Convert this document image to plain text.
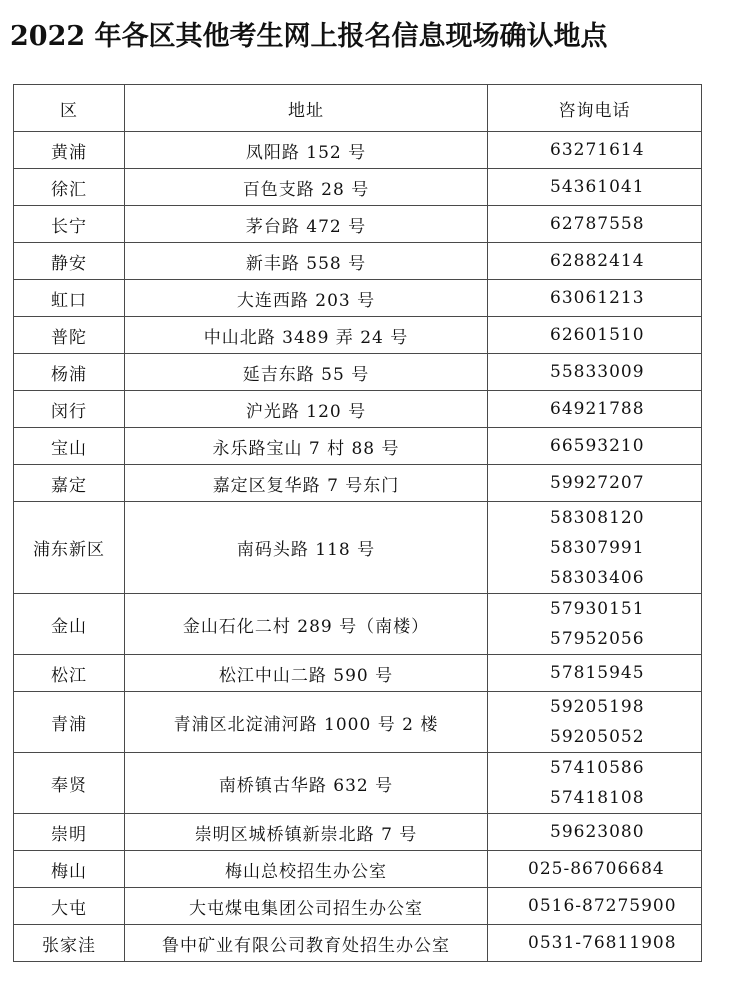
2022 年各区其他考生网上报名信息现场确认地点
区	地址	咨询电话
黄浦	凤阳路 152 号	63271614

徐汇	百色支路 28 号	54361041

长宁	茅台路 472 号	62787558

静安	新丰路 558 号	62882414

虹口	大连西路 203 号	63061213

普陀	中山北路 3489 弄 24 号	62601510

杨浦	延吉东路 55 号	55833009

闵行	沪光路 120 号	64921788

宝山	永乐路宝山 7 村 88 号	66593210

嘉定	嘉定区复华路 7 号东门	59927207

浦东新区	南码头路 118 号	58308120
58307991
58303406

金山	金山石化二村 289 号（南楼）	57930151
57952056

松江	松江中山二路 590 号	57815945

青浦	青浦区北淀浦河路 1000 号 2 楼	59205198
59205052

奉贤	南桥镇古华路 632 号	57410586
57418108

崇明	崇明区城桥镇新崇北路 7 号	59623080

梅山	梅山总校招生办公室	025-86706684

大屯	大屯煤电集团公司招生办公室	0516-87275900

张家洼	鲁中矿业有限公司教育处招生办公室	0531-76811908
